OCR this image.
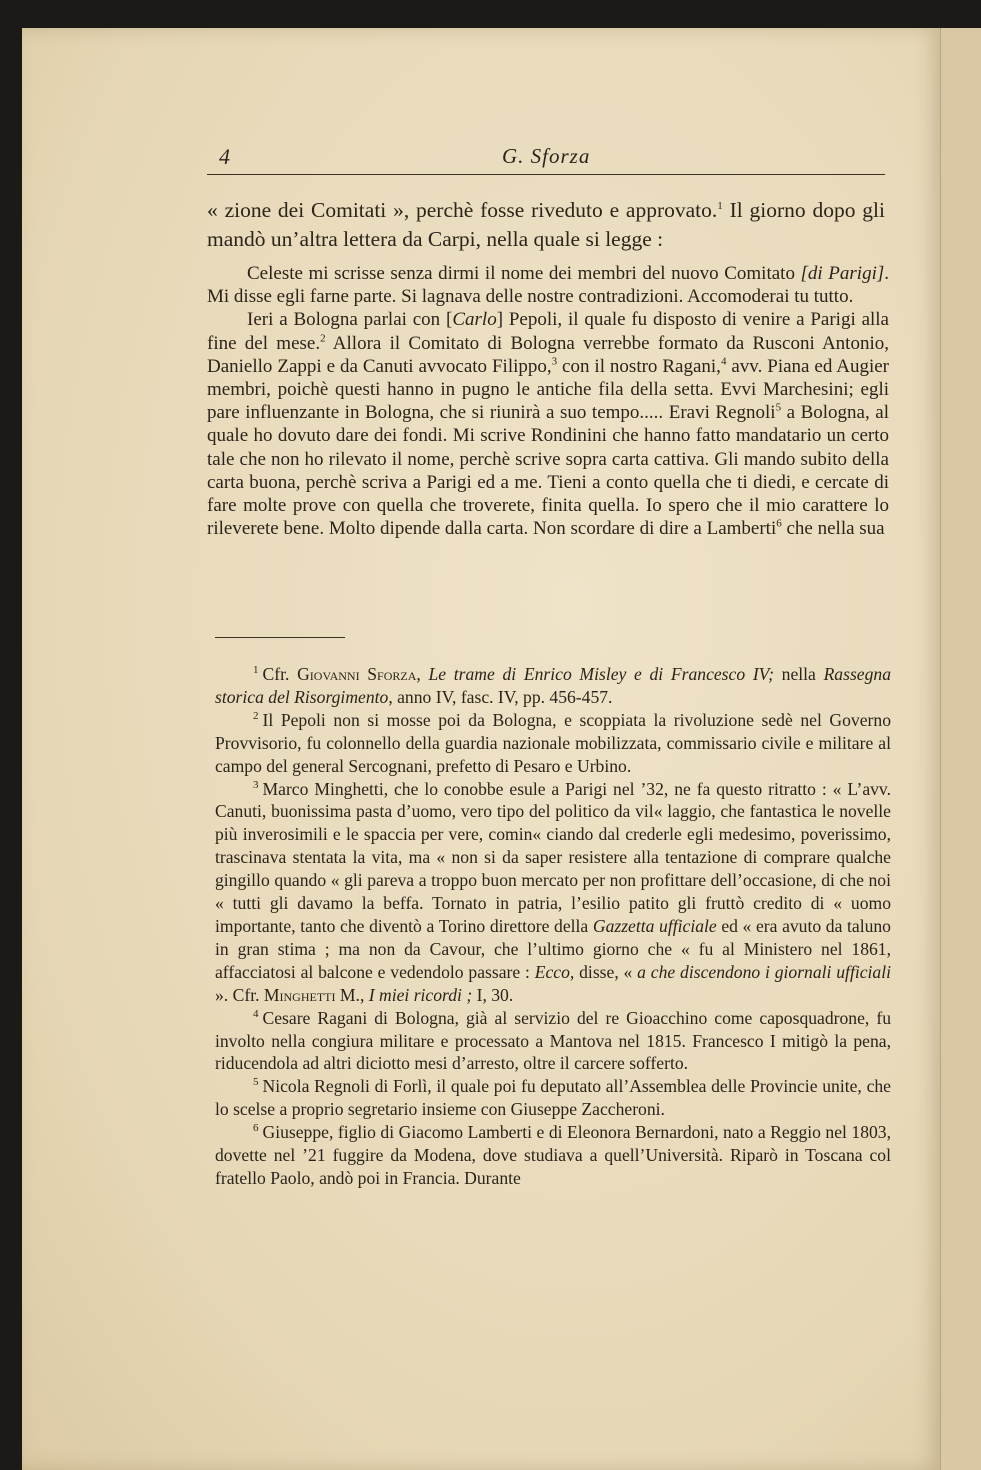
4	G. Sforza

« zione dei Comitati », perchè fosse riveduto e approvato.$^1$ Il giorno dopo gli mandò un’altra lettera da Carpi, nella quale si legge :

Celeste mi scrisse senza dirmi il nome dei membri del nuovo Comitato [di Parigi]. Mi disse egli farne parte. Si lagnava delle nostre contradizioni. Accomoderai tu tutto.

Ieri a Bologna parlai con [Carlo] Pepoli, il quale fu disposto di venire a Parigi alla fine del mese.$^2$ Allora il Comitato di Bologna verrebbe formato da Rusconi Antonio, Daniello Zappi e da Canuti avvocato Filippo,$^3$ con il nostro Ragani,$^4$ avv. Piana ed Augier membri, poichè questi hanno in pugno le antiche fila della setta. Evvi Marchesini; egli pare influenzante in Bologna, che si riunirà a suo tempo..... Eravi Regnoli$^5$ a Bologna, al quale ho dovuto dare dei fondi. Mi scrive Rondinini che hanno fatto mandatario un certo tale che non ho rilevato il nome, perchè scrive sopra carta cattiva. Gli mando subito della carta buona, perchè scriva a Parigi ed a me. Tieni a conto quella che ti diedi, e cercate di fare molte prove con quella che troverete, finita quella. Io spero che il mio carattere lo rileverete bene. Molto dipende dalla carta. Non scordare di dire a Lamberti$^6$ che nella sua

$^1$ Cfr. Giovanni Sforza, Le trame di Enrico Misley e di Francesco IV; nella Rassegna storica del Risorgimento, anno IV, fasc. IV, pp. 456-457.

$^2$ Il Pepoli non si mosse poi da Bologna, e scoppiata la rivoluzione sedè nel Governo Provvisorio, fu colonnello della guardia nazionale mobilizzata, commissario civile e militare al campo del general Sercognani, prefetto di Pesaro e Urbino.

$^3$ Marco Minghetti, che lo conobbe esule a Parigi nel ’32, ne fa questo ritratto : « L’avv. Canuti, buonissima pasta d’uomo, vero tipo del politico da vil« laggio, che fantastica le novelle più inverosimili e le spaccia per vere, comin« ciando dal crederle egli medesimo, poverissimo, trascinava stentata la vita, ma « non si da saper resistere alla tentazione di comprare qualche gingillo quando « gli pareva a troppo buon mercato per non profittare dell’occasione, di che noi « tutti gli davamo la beffa. Tornato in patria, l’esilio patito gli fruttò credito di « uomo importante, tanto che diventò a Torino direttore della Gazzetta ufficiale ed « era avuto da taluno in gran stima ; ma non da Cavour, che l’ultimo giorno che « fu al Ministero nel 1861, affacciatosi al balcone e vedendolo passare : Ecco, disse, « a che discendono i giornali ufficiali ». Cfr. Minghetti M., I miei ricordi ; I, 30.

$^4$ Cesare Ragani di Bologna, già al servizio del re Gioacchino come caposquadrone, fu involto nella congiura militare e processato a Mantova nel 1815. Francesco I mitigò la pena, riducendola ad altri diciotto mesi d’arresto, oltre il carcere sofferto.

$^5$ Nicola Regnoli di Forlì, il quale poi fu deputato all’Assemblea delle Provincie unite, che lo scelse a proprio segretario insieme con Giuseppe Zaccheroni.

$^6$ Giuseppe, figlio di Giacomo Lamberti e di Eleonora Bernardoni, nato a Reggio nel 1803, dovette nel ’21 fuggire da Modena, dove studiava a quell’Università. Riparò in Toscana col fratello Paolo, andò poi in Francia. Durante
